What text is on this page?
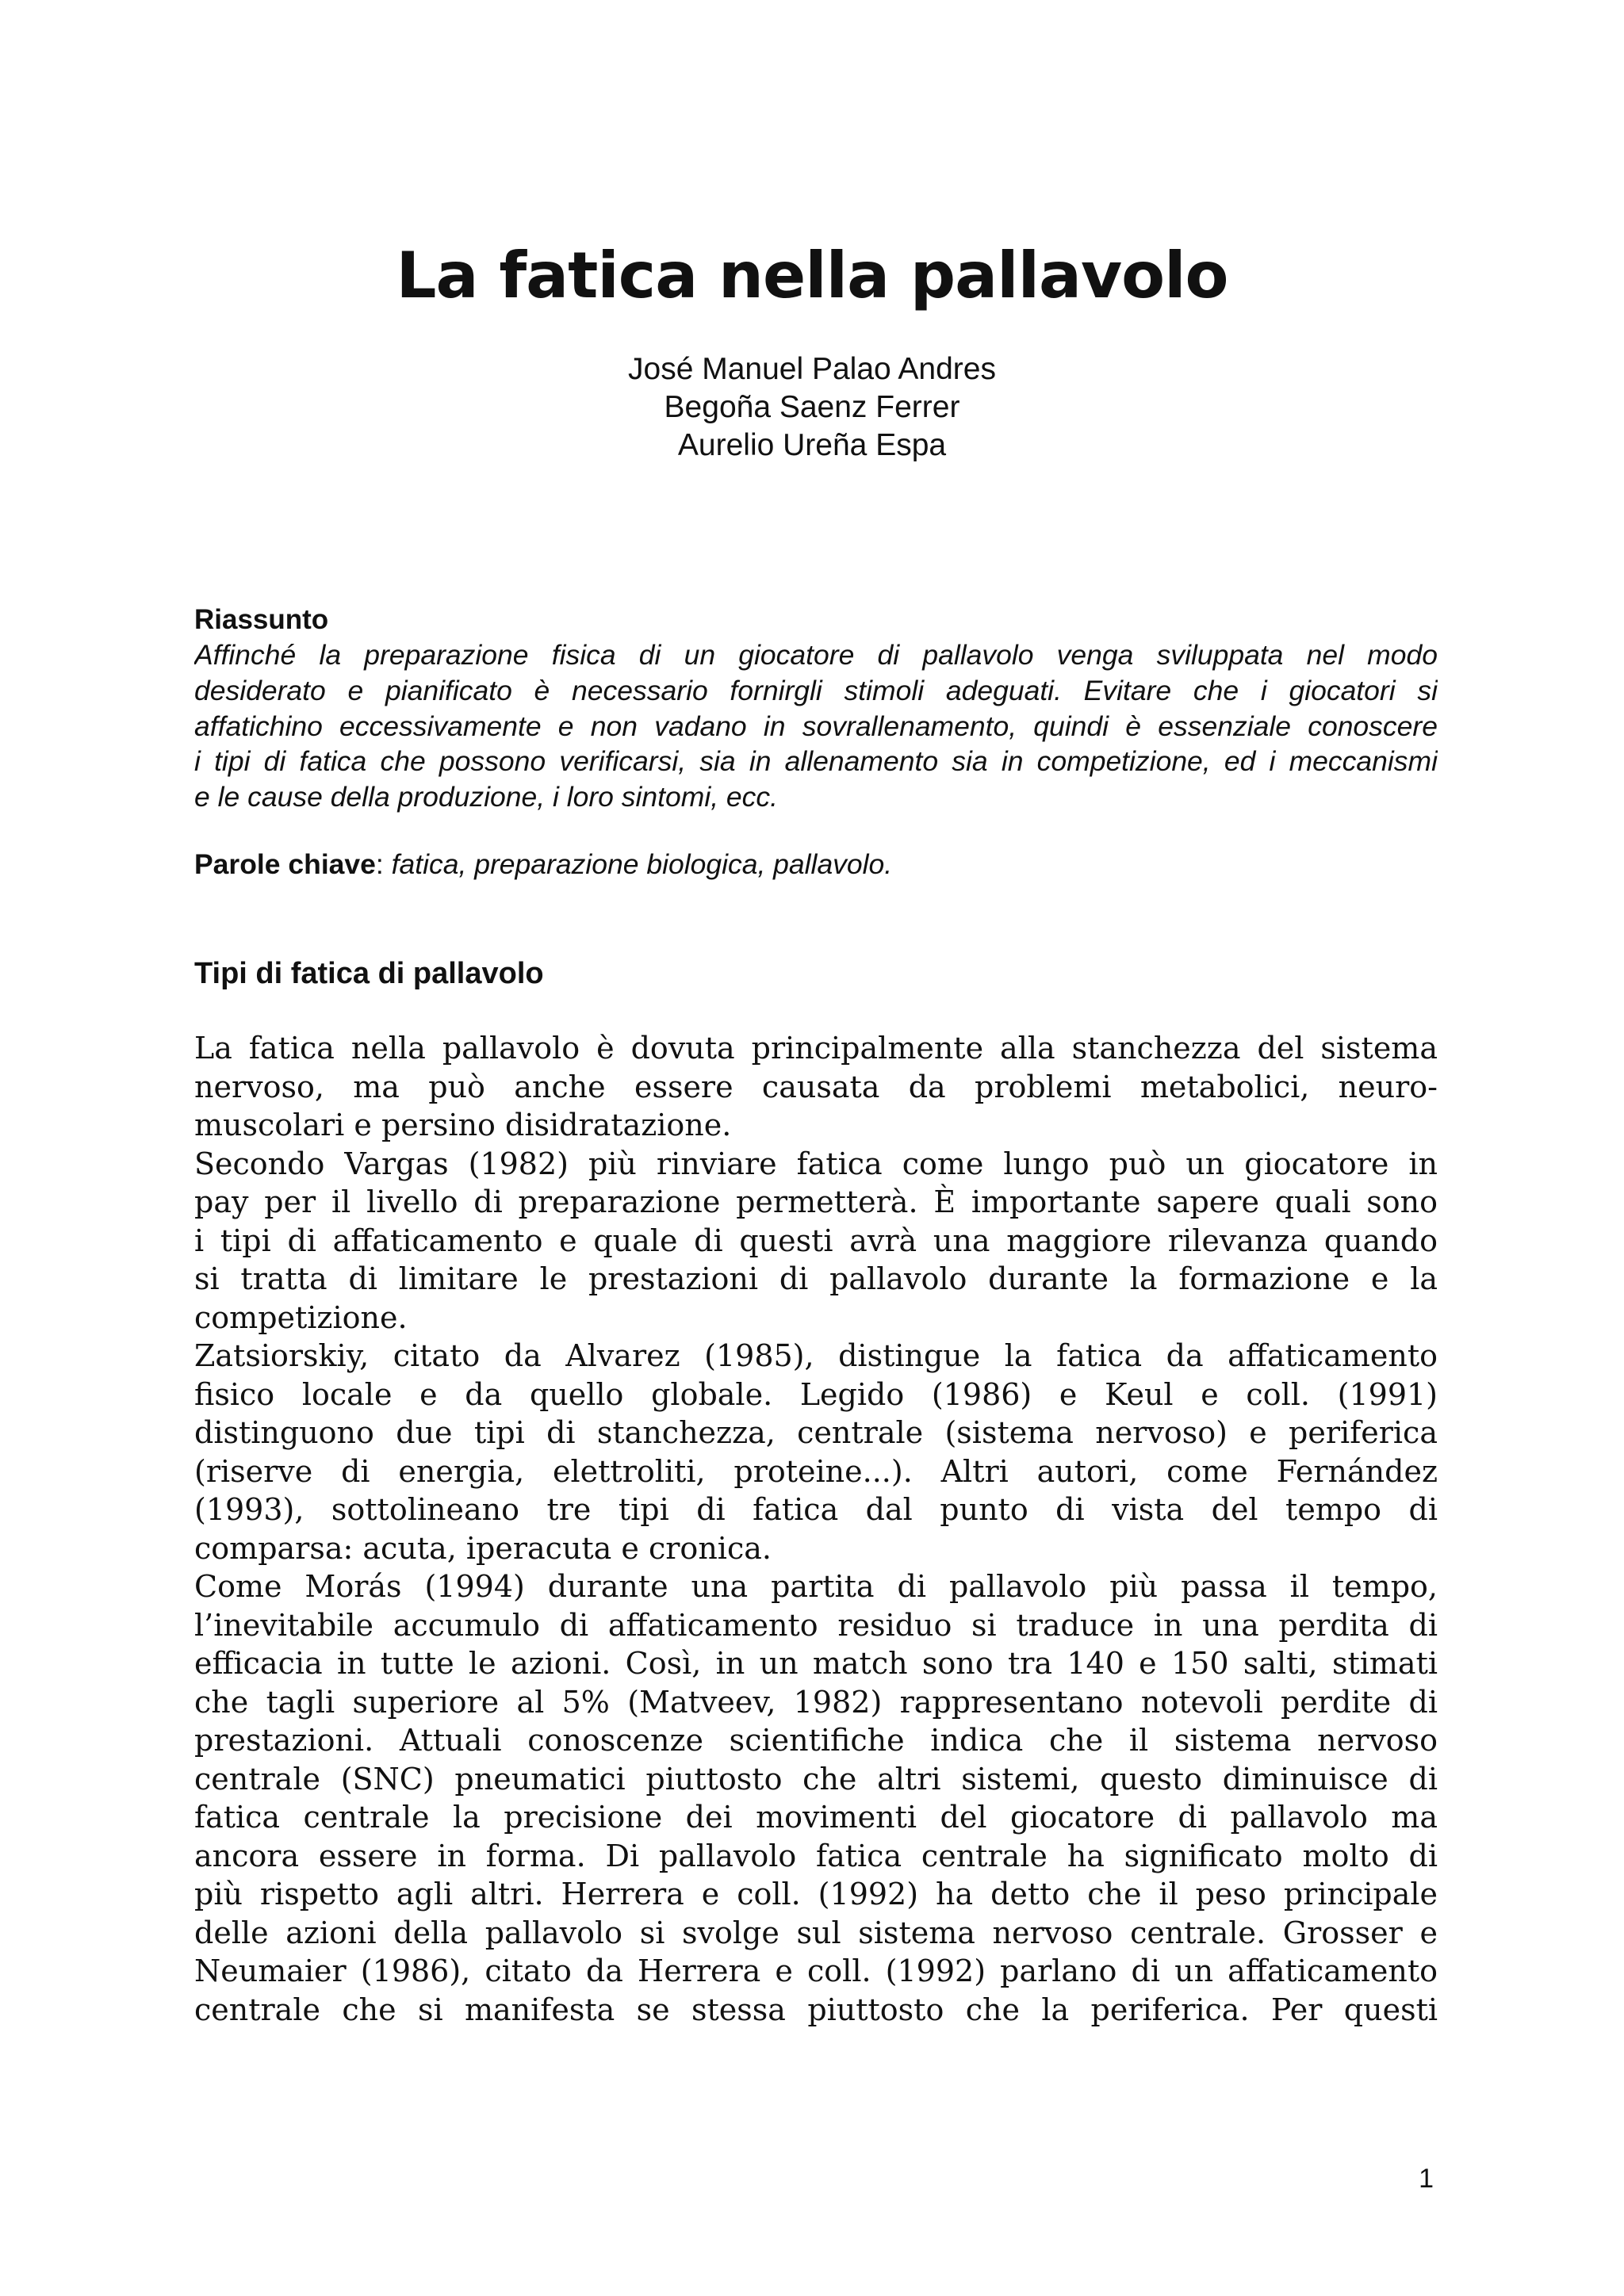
La fatica nella pallavolo
José Manuel Palao Andres
Begoña Saenz Ferrer
Aurelio Ureña Espa
Riassunto
Affinché la preparazione fisica di un giocatore di pallavolo venga sviluppata nel modo
desiderato e pianificato è necessario fornirgli stimoli adeguati. Evitare che i giocatori si
affatichino eccessivamente e non vadano in sovrallenamento, quindi è essenziale conoscere
i tipi di fatica che possono verificarsi, sia in allenamento sia in competizione, ed i meccanismi
e le cause della produzione, i loro sintomi, ecc.
Parole chiave: fatica, preparazione biologica, pallavolo.
Tipi di fatica di pallavolo
La fatica nella pallavolo è dovuta principalmente alla stanchezza del sistema
nervoso, ma può anche essere causata da problemi metabolici, neuro-
muscolari e persino disidratazione.
Secondo Vargas (1982) più rinviare fatica come lungo può un giocatore in
pay per il livello di preparazione permetterà. È importante sapere quali sono
i tipi di affaticamento e quale di questi avrà una maggiore rilevanza quando
si tratta di limitare le prestazioni di pallavolo durante la formazione e la
competizione.
Zatsiorskiy, citato da Alvarez (1985), distingue la fatica da affaticamento
fisico locale e da quello globale. Legido (1986) e Keul e coll. (1991)
distinguono due tipi di stanchezza, centrale (sistema nervoso) e periferica
(riserve di energia, elettroliti, proteine...). Altri autori, come Fernández
(1993), sottolineano tre tipi di fatica dal punto di vista del tempo di
comparsa: acuta, iperacuta e cronica.
Come Morás (1994) durante una partita di pallavolo più passa il tempo,
l’inevitabile accumulo di affaticamento residuo si traduce in una perdita di
efficacia in tutte le azioni. Così, in un match sono tra 140 e 150 salti, stimati
che tagli superiore al 5% (Matveev, 1982) rappresentano notevoli perdite di
prestazioni. Attuali conoscenze scientifiche indica che il sistema nervoso
centrale (SNC) pneumatici piuttosto che altri sistemi, questo diminuisce di
fatica centrale la precisione dei movimenti del giocatore di pallavolo ma
ancora essere in forma. Di pallavolo fatica centrale ha significato molto di
più rispetto agli altri. Herrera e coll. (1992) ha detto che il peso principale
delle azioni della pallavolo si svolge sul sistema nervoso centrale. Grosser e
Neumaier (1986), citato da Herrera e coll. (1992) parlano di un affaticamento
centrale che si manifesta se stessa piuttosto che la periferica. Per questi
1
